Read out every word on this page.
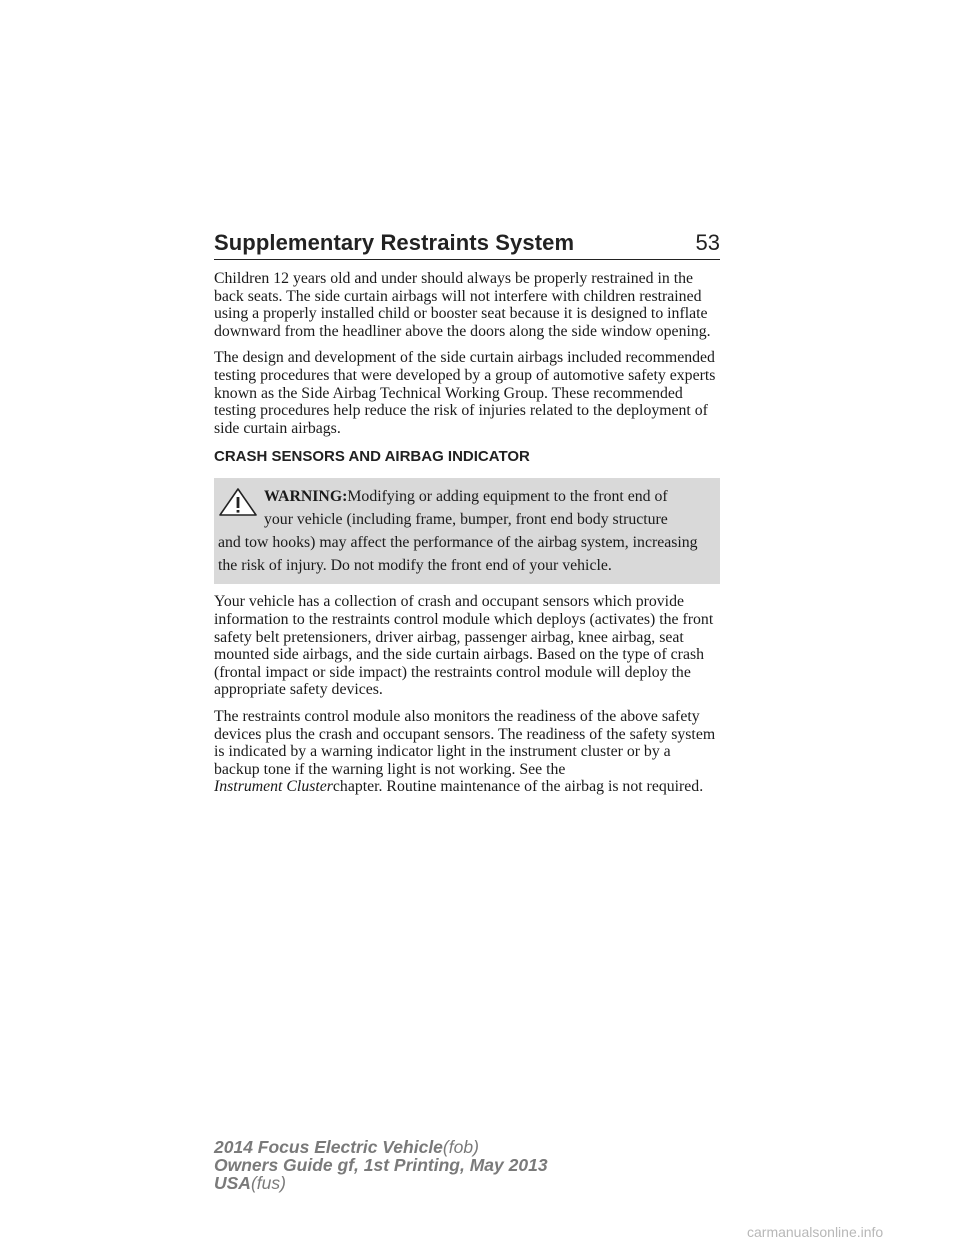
Supplementary Restraints System	53

Children 12 years old and under should always be properly restrained in the back seats. The side curtain airbags will not interfere with children restrained using a properly installed child or booster seat because it is designed to inflate downward from the headliner above the doors along the side window opening.

The design and development of the side curtain airbags included recommended testing procedures that were developed by a group of automotive safety experts known as the Side Airbag Technical Working Group. These recommended testing procedures help reduce the risk of injuries related to the deployment of side curtain airbags.

CRASH SENSORS AND AIRBAG INDICATOR
WARNING:Modifying or adding equipment to the front end of
your vehicle (including frame, bumper, front end body structure
and tow hooks) may affect the performance of the airbag system, increasing the risk of injury. Do not modify the front end of your vehicle.

Your vehicle has a collection of crash and occupant sensors which provide information to the restraints control module which deploys (activates) the front safety belt pretensioners, driver airbag, passenger airbag, knee airbag, seat mounted side airbags, and the side curtain airbags. Based on the type of crash (frontal impact or side impact) the restraints control module will deploy the appropriate safety devices.

The restraints control module also monitors the readiness of the above safety devices plus the crash and occupant sensors. The readiness of the safety system is indicated by a warning indicator light in the instrument cluster or by a backup tone if the warning light is not working. See the
Instrument Clusterchapter. Routine maintenance of the airbag is not required.

2014 Focus Electric Vehicle(fob)
Owners Guide gf, 1st Printing, May 2013
USA(fus)
carmanualsonline.info
